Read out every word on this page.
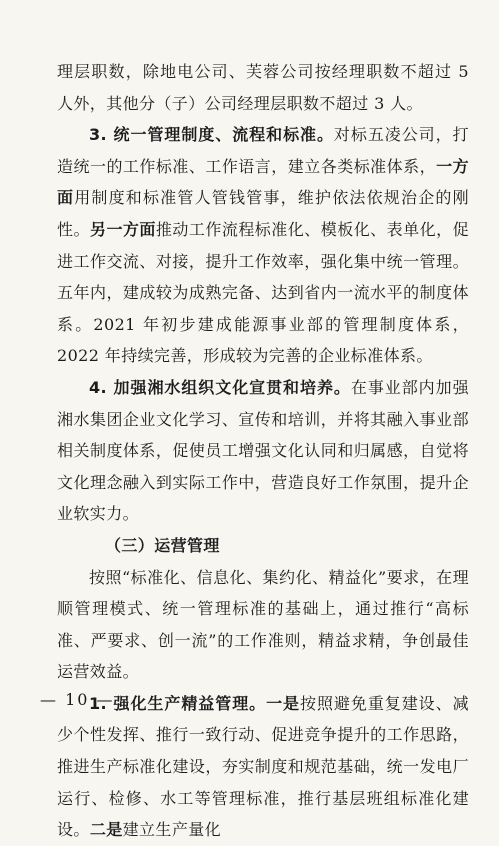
理层职数，除地电公司、芙蓉公司按经理职数不超过 5 人外，其他分（子）公司经理层职数不超过 3 人。

3. 统一管理制度、流程和标准。对标五凌公司，打造统一的工作标准、工作语言，建立各类标准体系，一方面用制度和标准管人管钱管事，维护依法依规治企的刚性。另一方面推动工作流程标准化、模板化、表单化，促进工作交流、对接，提升工作效率，强化集中统一管理。五年内，建成较为成熟完备、达到省内一流水平的制度体系。2021 年初步建成能源事业部的管理制度体系，2022 年持续完善，形成较为完善的企业标准体系。

4. 加强湘水组织文化宣贯和培养。在事业部内加强湘水集团企业文化学习、宣传和培训，并将其融入事业部相关制度体系，促使员工增强文化认同和归属感，自觉将文化理念融入到实际工作中，营造良好工作氛围，提升企业软实力。

（三）运营管理

按照“标准化、信息化、集约化、精益化”要求，在理顺管理模式、统一管理标准的基础上，通过推行“高标准、严要求、创一流”的工作准则，精益求精，争创最佳运营效益。

1. 强化生产精益管理。一是按照避免重复建设、减少个性发挥、推行一致行动、促进竞争提升的工作思路，推进生产标准化建设，夯实制度和规范基础，统一发电厂运行、检修、水工等管理标准，推行基层班组标准化建设。二是建立生产量化

— 10 —
